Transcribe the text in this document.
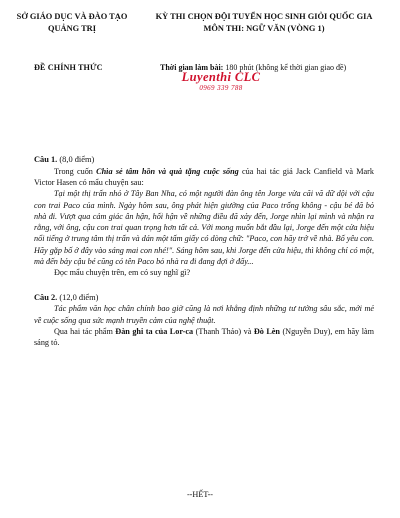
SỞ GIÁO DỤC VÀ ĐÀO TẠO
QUẢNG TRỊ
KỲ THI CHỌN ĐỘI TUYỂN HỌC SINH GIỎI QUỐC GIA
MÔN THI: NGỮ VĂN (VÒNG 1)
ĐỀ CHÍNH THỨC	Thời gian làm bài: 180 phút (không kể thời gian giao đề)
Luyenthi CLC
0969 339 788

Câu 1. (8,0 điểm)

Trong cuốn Chìa sẻ tâm hồn và quà tặng cuộc sống của hai tác giả Jack Canfield và Mark Victor Hasen có mẩu chuyện sau:

Tại một thị trấn nhỏ ở Tây Ban Nha, có một người đàn ông tên Jorge vừa cãi vã dữ dội với cậu con trai Paco của mình. Ngày hôm sau, ông phát hiện giường của Paco trống không - cậu bé đã bỏ nhà đi. Vượt qua cảm giác ân hận, hối hận về những điều đã xảy đến, Jorge nhìn lại mình và nhận ra rằng, với ông, cậu con trai quan trọng hơn tất cả. Với mong muốn bắt đầu lại, Jorge đến một cửa hiệu nổi tiếng ở trung tâm thị trấn và dán một tấm giấy có dòng chữ: "Paco, con hãy trở về nhà. Bố yêu con. Hãy gặp bố ở đây vào sáng mai con nhé!". Sáng hôm sau, khi Jorge đến cửa hiệu, thì không chỉ có một, mà đến bảy cậu bé cũng có tên Paco bỏ nhà ra đi đang đợi ở đấy...

Đọc mẩu chuyện trên, em có suy nghĩ gì?

Câu 2. (12,0 điểm)

Tác phẩm văn học chân chính bao giờ cũng là nơi khẳng định những tư tưởng sâu sắc, mới mẻ về cuộc sống qua sức mạnh truyền cảm của nghệ thuật.

Qua hai tác phẩm Đàn ghi ta của Lor-ca (Thanh Thảo) và Đò Lèn (Nguyễn Duy), em hãy làm sáng tỏ.

--HẾT--
